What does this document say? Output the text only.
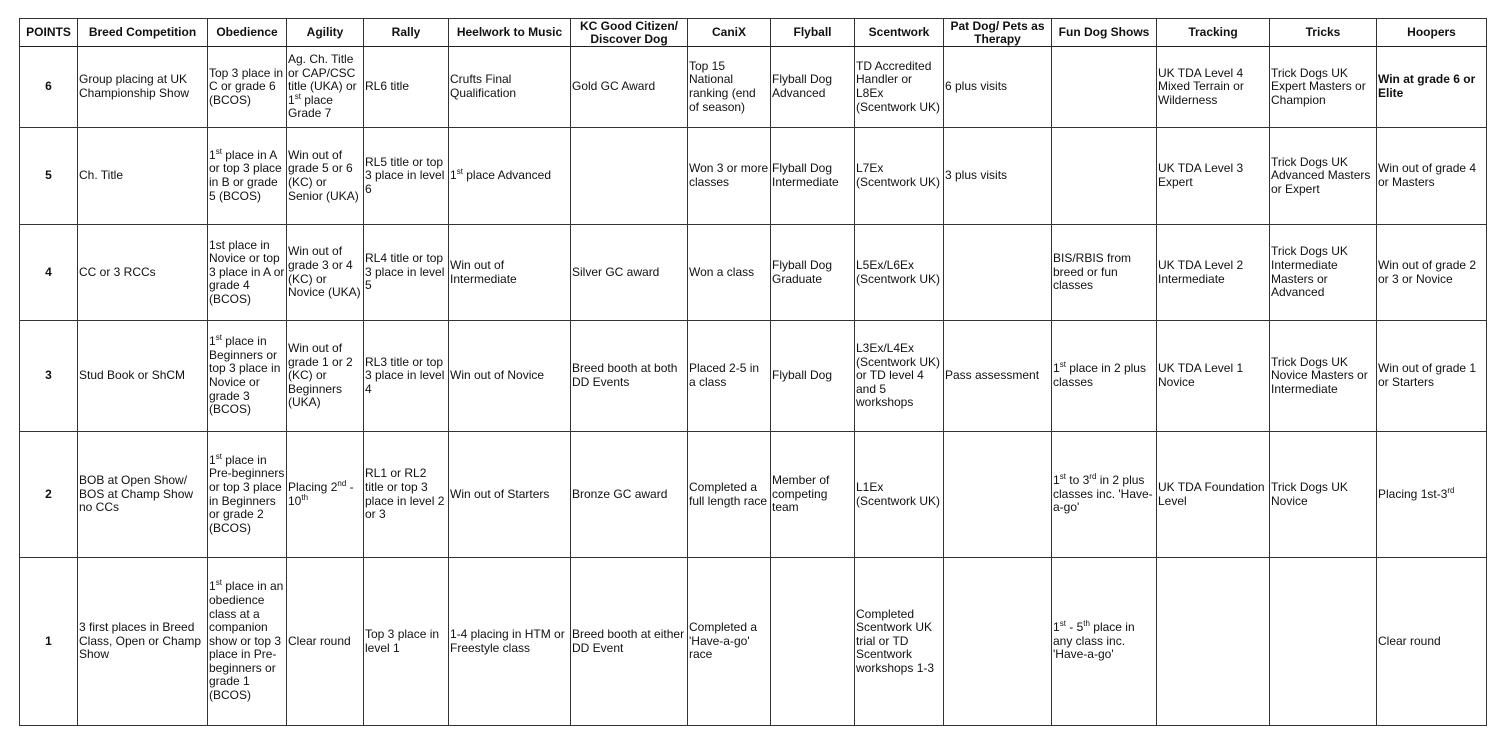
POINTS	Breed Competition	Obedience	Agility	Rally	Heelwork to Music	KC Good Citizen/ Discover Dog	CaniX	Flyball	Scentwork	Pat Dog/ Pets as Therapy	Fun Dog Shows	Tracking	Tricks	Hoopers
6	Group placing at UK Championship Show	Top 3 place in C or grade 6 (BCOS)	Ag. Ch. Title or CAP/CSC title (UKA) or 1st place Grade 7	RL6 title	Crufts Final Qualification	Gold GC Award	Top 15 National ranking (end of season)	Flyball Dog Advanced	TD Accredited Handler or L8Ex (Scentwork UK)	6 plus visits		UK TDA Level 4 Mixed Terrain or Wilderness	Trick Dogs UK Expert Masters or Champion	Win at grade 6 or Elite
5	Ch. Title	1st place in A or top 3 place in B or grade 5 (BCOS)	Win out of grade 5 or 6 (KC) or Senior (UKA)	RL5 title or top 3 place in level 6	1st place Advanced		Won 3 or more classes	Flyball Dog Intermediate	L7Ex (Scentwork UK)	3 plus visits		UK TDA Level 3 Expert	Trick Dogs UK Advanced Masters or Expert	Win out of grade 4 or Masters
4	CC or 3 RCCs	1st place in Novice or top 3 place in A or grade 4 (BCOS)	Win out of grade 3 or 4 (KC) or Novice (UKA)	RL4 title or top 3 place in level 5	Win out of Intermediate	Silver GC award	Won a class	Flyball Dog Graduate	L5Ex/L6Ex (Scentwork UK)		BIS/RBIS from breed or fun classes	UK TDA Level 2 Intermediate	Trick Dogs UK Intermediate Masters or Advanced	Win out of grade 2 or 3 or Novice
3	Stud Book or ShCM	1st place in Beginners or top 3 place in Novice or grade 3 (BCOS)	Win out of grade 1 or 2 (KC) or Beginners (UKA)	RL3 title or top 3 place in level 4	Win out of Novice	Breed booth at both DD Events	Placed 2-5 in a class	Flyball Dog	L3Ex/L4Ex (Scentwork UK) or TD level 4 and 5 workshops	Pass assessment	1st place in 2 plus classes	UK TDA Level 1 Novice	Trick Dogs UK Novice Masters or Intermediate	Win out of grade 1 or Starters
2	BOB at Open Show/ BOS at Champ Show no CCs	1st place in Pre-beginners or top 3 place in Beginners or grade 2 (BCOS)	Placing 2nd - 10th	RL1 or RL2 title or top 3 place in level 2 or 3	Win out of Starters	Bronze GC award	Completed a full length race	Member of competing team	L1Ex (Scentwork UK)		1st to 3rd in 2 plus classes inc. 'Have-a-go'	UK TDA Foundation Level	Trick Dogs UK Novice	Placing 1st-3rd
1	3 first places in Breed Class, Open or Champ Show	1st place in an obedience class at a companion show or top 3 place in Pre-beginners or grade 1 (BCOS)	Clear round	Top 3 place in level 1	1-4 placing in HTM or Freestyle class	Breed booth at either DD Event	Completed a 'Have-a-go' race		Completed Scentwork UK trial or TD Scentwork workshops 1-3		1st - 5th place in any class inc. 'Have-a-go'			Clear round
